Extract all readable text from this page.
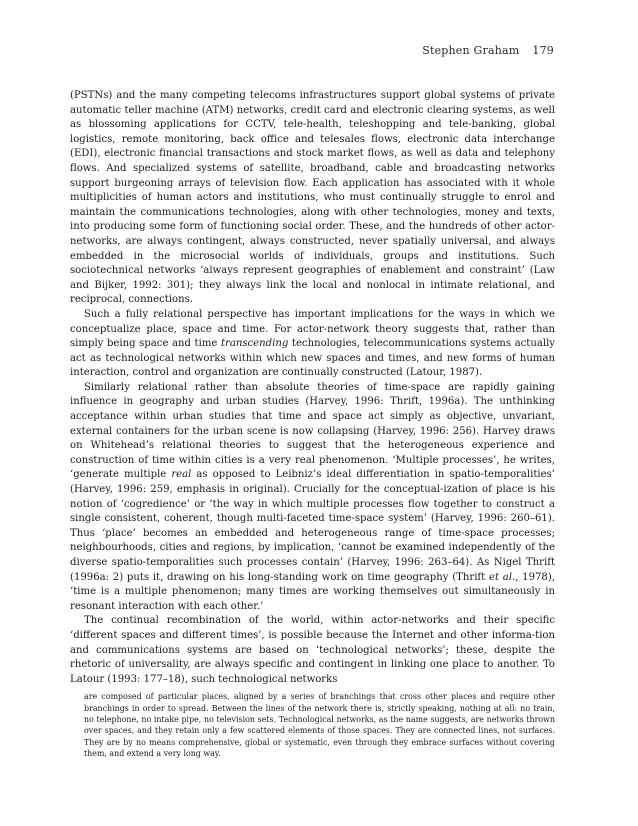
Stephen Graham 179

(PSTNs) and the many competing telecoms infrastructures support global systems of private automatic teller machine (ATM) networks, credit card and electronic clearing systems, as well as blossoming applications for CCTV, tele-health, teleshopping and tele-banking, global logistics, remote monitoring, back office and telesales flows, electronic data interchange (EDI), electronic financial transactions and stock market flows, as well as data and telephony flows. And specialized systems of satellite, broadband, cable and broadcasting networks support burgeoning arrays of television flow. Each application has associated with it whole multiplicities of human actors and institutions, who must continually struggle to enrol and maintain the communications technologies, along with other technologies, money and texts, into producing some form of functioning social order. These, and the hundreds of other actor-networks, are always contingent, always constructed, never spatially universal, and always embedded in the microsocial worlds of individuals, groups and institutions. Such sociotechnical networks ‘always represent geographies of enablement and constraint’ (Law and Bijker, 1992: 301); they always link the local and nonlocal in intimate relational, and reciprocal, connections.

Such a fully relational perspective has important implications for the ways in which we conceptualize place, space and time. For actor-network theory suggests that, rather than simply being space and time transcending technologies, telecommunications systems actually act as technological networks within which new spaces and times, and new forms of human interaction, control and organization are continually constructed (Latour, 1987).

Similarly relational rather than absolute theories of time-space are rapidly gaining influence in geography and urban studies (Harvey, 1996: Thrift, 1996a). The unthinking acceptance within urban studies that time and space act simply as objective, unvariant, external containers for the urban scene is now collapsing (Harvey, 1996: 256). Harvey draws on Whitehead’s relational theories to suggest that the heterogeneous experience and construction of time within cities is a very real phenomenon. ‘Multiple processes’, he writes, ‘generate multiple real as opposed to Leibniz’s ideal differentiation in spatio-temporalities’ (Harvey, 1996: 259, emphasis in original). Crucially for the conceptual-ization of place is his notion of ‘cogredience’ or ‘the way in which multiple processes flow together to construct a single consistent, coherent, though multi-faceted time-space system’ (Harvey, 1996: 260–61). Thus ‘place’ becomes an embedded and heterogeneous range of time-space processes; neighbourhoods, cities and regions, by implication, ‘cannot be examined independently of the diverse spatio-temporalities such processes contain’ (Harvey, 1996: 263–64). As Nigel Thrift (1996a: 2) puts it, drawing on his long-standing work on time geography (Thrift et al., 1978), ‘time is a multiple phenomenon; many times are working themselves out simultaneously in resonant interaction with each other.’

The continual recombination of the world, within actor-networks and their specific ‘different spaces and different times’, is possible because the Internet and other informa-tion and communications systems are based on ‘technological networks’; these, despite the rhetoric of universality, are always specific and contingent in linking one place to another. To Latour (1993: 177–18), such technological networks

are composed of particular places, aligned by a series of branchings that cross other places and require other branchings in order to spread. Between the lines of the network there is, strictly speaking, nothing at all: no train, no telephone, no intake pipe, no television sets. Technological networks, as the name suggests, are networks thrown over spaces, and they retain only a few scattered elements of those spaces. They are connected lines, not surfaces. They are by no means comprehensive, global or systematic, even through they embrace surfaces without covering them, and extend a very long way.
